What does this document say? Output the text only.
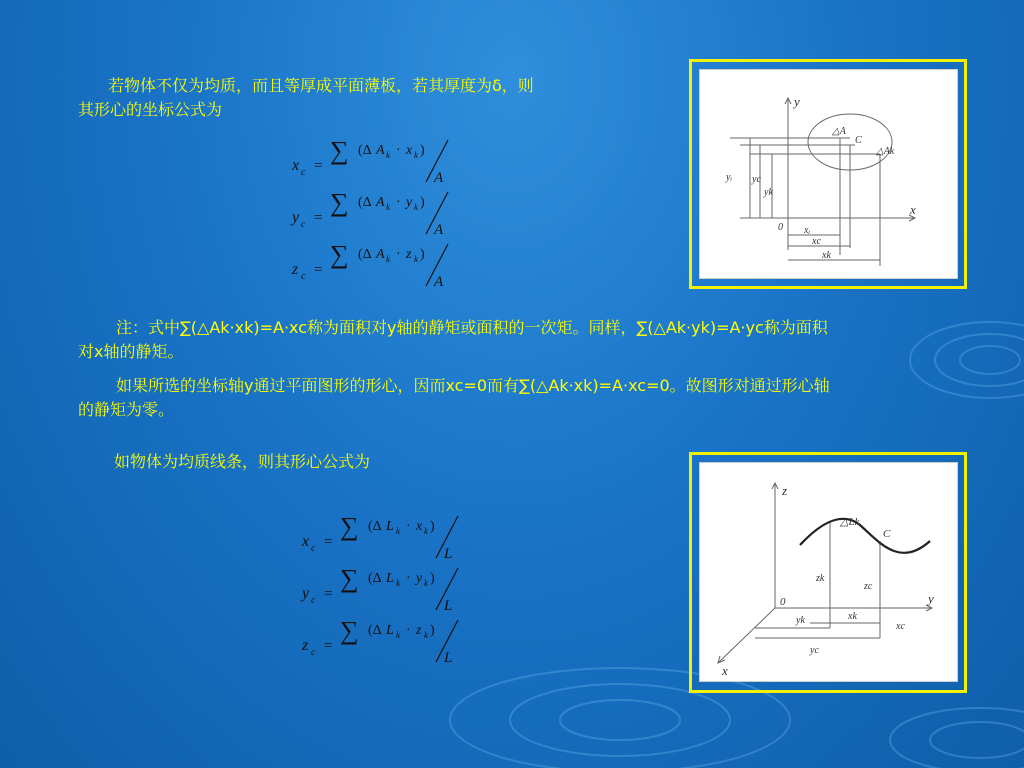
若物体不仅为均质，而且等厚成平面薄板，若其厚度为δ，则
其形心的坐标公式为
x c =
∑ (Δ A k · x k )
A
y c =
∑ (Δ A k · y k )
A
z c =
∑ (Δ A k · z k )
A
y
x
0
△A
C
△Ak
yᵢ yc
yk
xᵢ
xc
xk
注：式中∑(△Ak·xk)=A·xc称为面积对y轴的静矩或面积的一次矩。同样，∑(△Ak·yk)=A·yc称为面积
对x轴的静矩。
如果所选的坐标轴y通过平面图形的形心，因而xc=0而有∑(△Ak·xk)=A·xc=0。故图形对通过形心轴
的静矩为零。
如物体为均质线条，则其形心公式为
x c =
∑ (Δ L k · x k )
L
y c =
∑ (Δ L k · y k )
L
z c =
∑ (Δ L k · z k )
L
z
y
x
0
△Lk
C
zk
zc
yk	xk
xc
yc
